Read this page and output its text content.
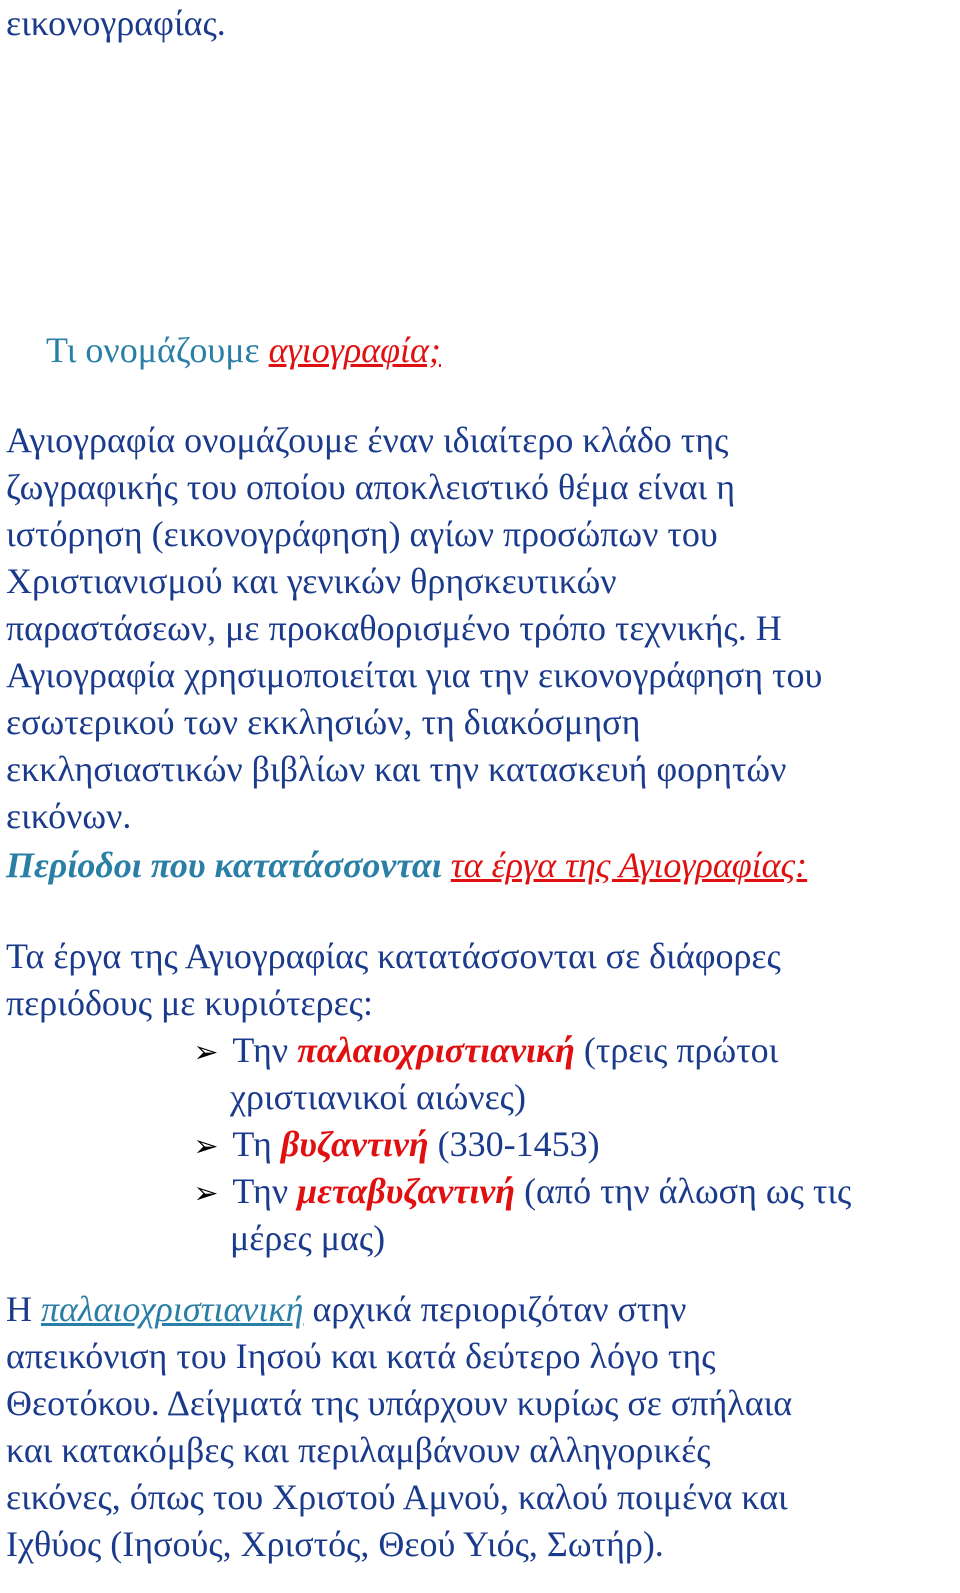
εικονογραφίας.
Τι ονομάζουμε αγιογραφία;
Αγιογραφία ονομάζουμε έναν ιδιαίτερο κλάδο της
ζωγραφικής του οποίου αποκλειστικό θέμα είναι η
ιστόρηση (εικονογράφηση) αγίων προσώπων του
Χριστιανισμού και γενικών θρησκευτικών
παραστάσεων, με προκαθορισμένο τρόπο τεχνικής. Η
Αγιογραφία χρησιμοποιείται για την εικονογράφηση του
εσωτερικού των εκκλησιών, τη διακόσμηση
εκκλησιαστικών βιβλίων και την κατασκευή φορητών
εικόνων.
Περίοδοι που κατατάσσονται τα έργα της Αγιογραφίας:
Τα έργα της Αγιογραφίας κατατάσσονται σε διάφορες
περιόδους με κυριότερες:
➢ Την παλαιοχριστιανική (τρεις πρώτοι
χριστιανικοί αιώνες)
➢ Τη βυζαντινή (330-1453)
➢ Την μεταβυζαντινή (από την άλωση ως τις
μέρες μας)
Η παλαιοχριστιανική αρχικά περιοριζόταν στην
απεικόνιση του Ιησού και κατά δεύτερο λόγο της
Θεοτόκου. Δείγματά της υπάρχουν κυρίως σε σπήλαια
και κατακόμβες και περιλαμβάνουν αλληγορικές
εικόνες, όπως του Χριστού Αμνού, καλού ποιμένα και
Ιχθύος (Ιησούς, Χριστός, Θεού Υιός, Σωτήρ).
